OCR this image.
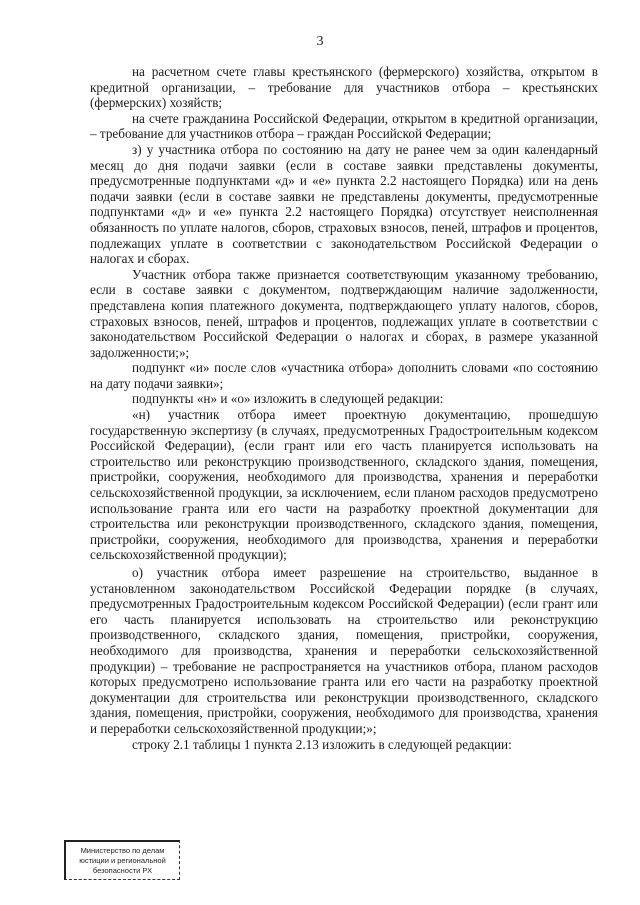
3

на расчетном счете главы крестьянского (фермерского) хозяйства, открытом в кредитной организации, – требование для участников отбора – крестьянских (фермерских) хозяйств;

на счете гражданина Российской Федерации, открытом в кредитной организации, – требование для участников отбора – граждан Российской Федерации;

з) у участника отбора по состоянию на дату не ранее чем за один календарный месяц до дня подачи заявки (если в составе заявки представлены документы, предусмотренные подпунктами «д» и «е» пункта 2.2 настоящего Порядка) или на день подачи заявки (если в составе заявки не представлены документы, предусмотренные подпунктами «д» и «е» пункта 2.2 настоящего Порядка) отсутствует неисполненная обязанность по уплате налогов, сборов, страховых взносов, пеней, штрафов и процентов, подлежащих уплате в соответствии с законодательством Российской Федерации о налогах и сборах.

Участник отбора также признается соответствующим указанному требованию, если в составе заявки с документом, подтверждающим наличие задолженности, представлена копия платежного документа, подтверждающего уплату налогов, сборов, страховых взносов, пеней, штрафов и процентов, подлежащих уплате в соответствии с законодательством Российской Федерации о налогах и сборах, в размере указанной задолженности;»;

подпункт «и» после слов «участника отбора» дополнить словами «по состоянию на дату подачи заявки»;

подпункты «н» и «о» изложить в следующей редакции:

«н) участник отбора имеет проектную документацию, прошедшую государственную экспертизу (в случаях, предусмотренных Градостроительным кодексом Российской Федерации), (если грант или его часть планируется использовать на строительство или реконструкцию производственного, складского здания, помещения, пристройки, сооружения, необходимого для производства, хранения и переработки сельскохозяйственной продукции, за исключением, если планом расходов предусмотрено использование гранта или его части на разработку проектной документации для строительства или реконструкции производственного, складского здания, помещения, пристройки, сооружения, необходимого для производства, хранения и переработки сельскохозяйственной продукции);

о) участник отбора имеет разрешение на строительство, выданное в установленном законодательством Российской Федерации порядке (в случаях, предусмотренных Градостроительным кодексом Российской Федерации) (если грант или его часть планируется использовать на строительство или реконструкцию производственного, складского здания, помещения, пристройки, сооружения, необходимого для производства, хранения и переработки сельскохозяйственной продукции) – требование не распространяется на участников отбора, планом расходов которых предусмотрено использование гранта или его части на разработку проектной документации для строительства или реконструкции производственного, складского здания, помещения, пристройки, сооружения, необходимого для производства, хранения и переработки сельскохозяйственной продукции;»;

строку 2.1 таблицы 1 пункта 2.13 изложить в следующей редакции:

Министерство по делам
юстиции и региональной
безопасности РХ
